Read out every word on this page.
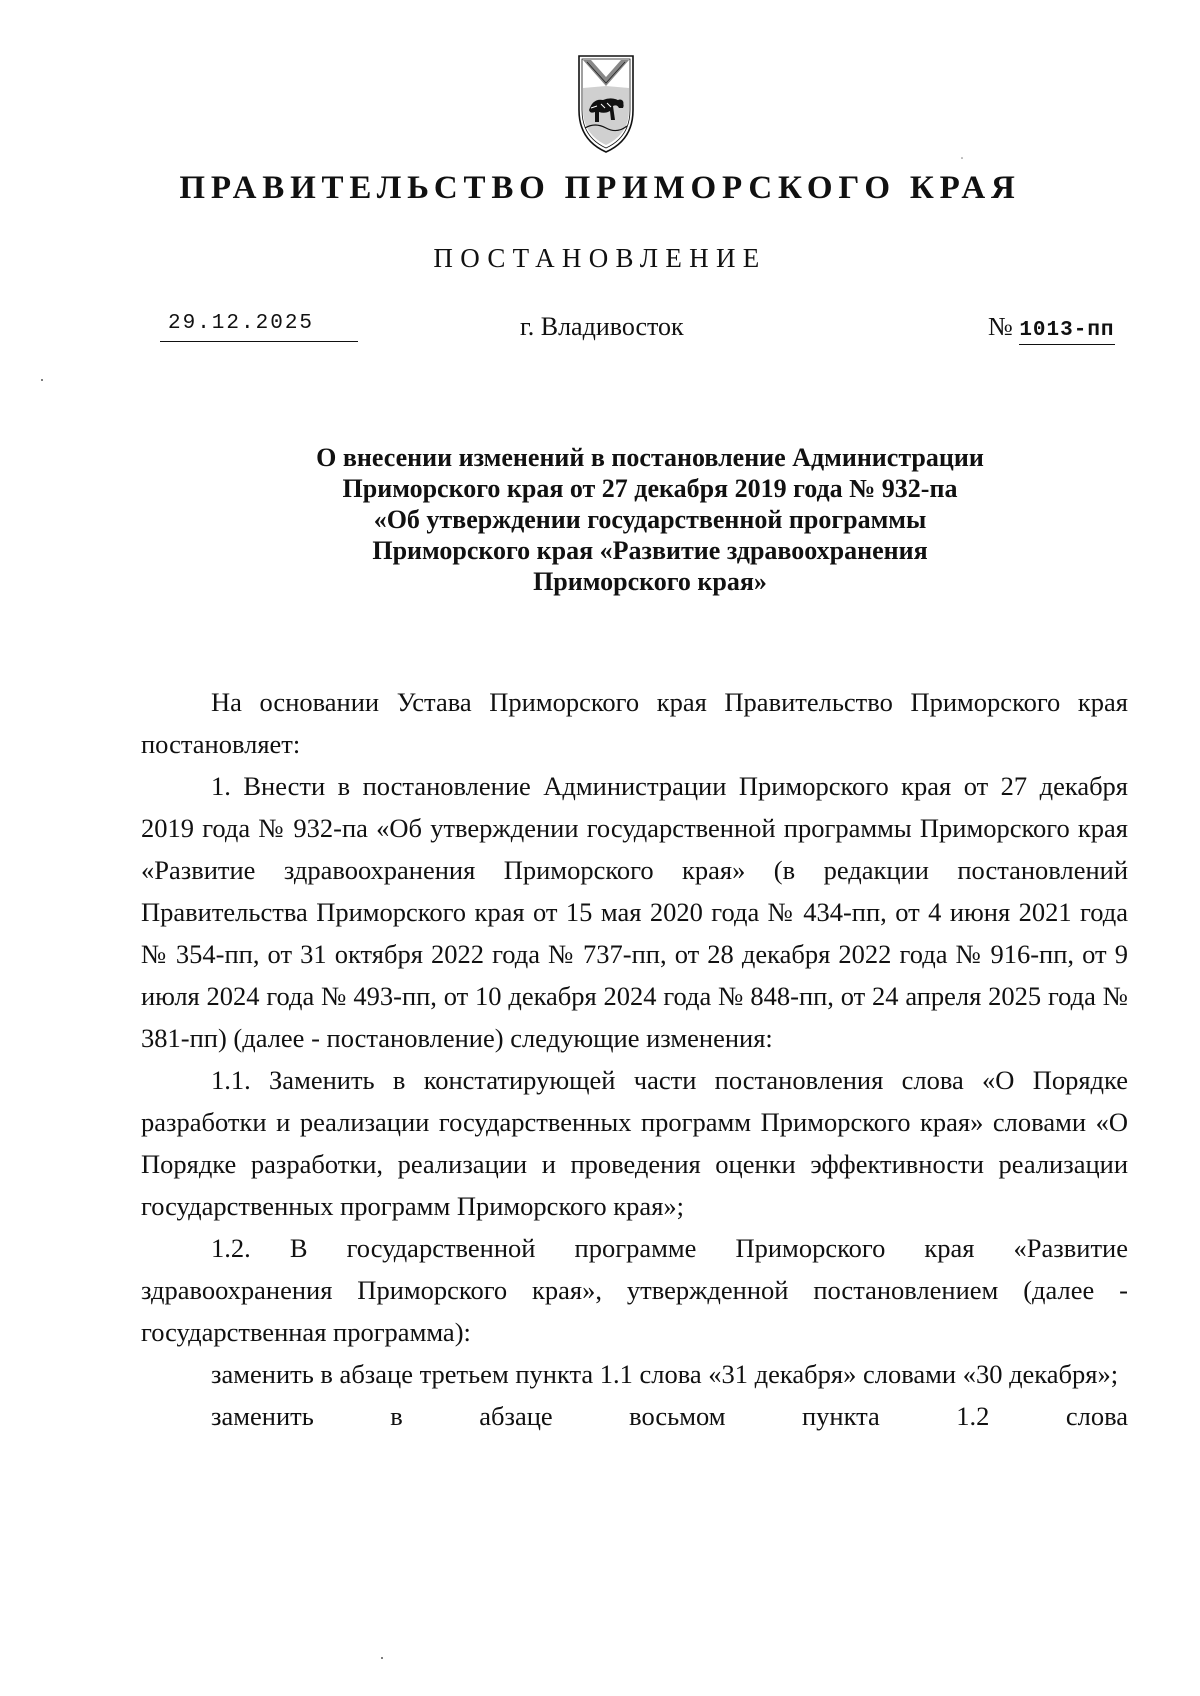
ПРАВИТЕЛЬСТВО ПРИМОРСКОГО КРАЯ
ПОСТАНОВЛЕНИЕ
29.12.2025	г. Владивосток	№ 1013-пп
О внесении изменений в постановление Администрации
Приморского края от 27 декабря 2019 года № 932-па
«Об утверждении государственной программы
Приморского края «Развитие здравоохранения
Приморского края»

На основании Устава Приморского края Правительство Приморского края постановляет:

1. Внести в постановление Администрации Приморского края от 27 декабря 2019 года № 932-па «Об утверждении государственной программы Приморского края «Развитие здравоохранения Приморского края» (в редакции постановлений Правительства Приморского края от 15 мая 2020 года № 434-пп, от 4 июня 2021 года № 354-пп, от 31 октября 2022 года № 737-пп, от 28 декабря 2022 года № 916-пп, от 9 июля 2024 года № 493-пп, от 10 декабря 2024 года № 848-пп, от 24 апреля 2025 года № 381-пп) (далее - постановление) следующие изменения:

1.1. Заменить в констатирующей части постановления слова «О Порядке разработки и реализации государственных программ Приморского края» словами «О Порядке разработки, реализации и проведения оценки эффективности реализации государственных программ Приморского края»;

1.2. В государственной программе Приморского края «Развитие здравоохранения Приморского края», утвержденной постановлением (далее - государственная программа):

заменить в абзаце третьем пункта 1.1 слова «31 декабря» словами «30 декабря»;

заменить в абзаце восьмом пункта 1.2 слова
